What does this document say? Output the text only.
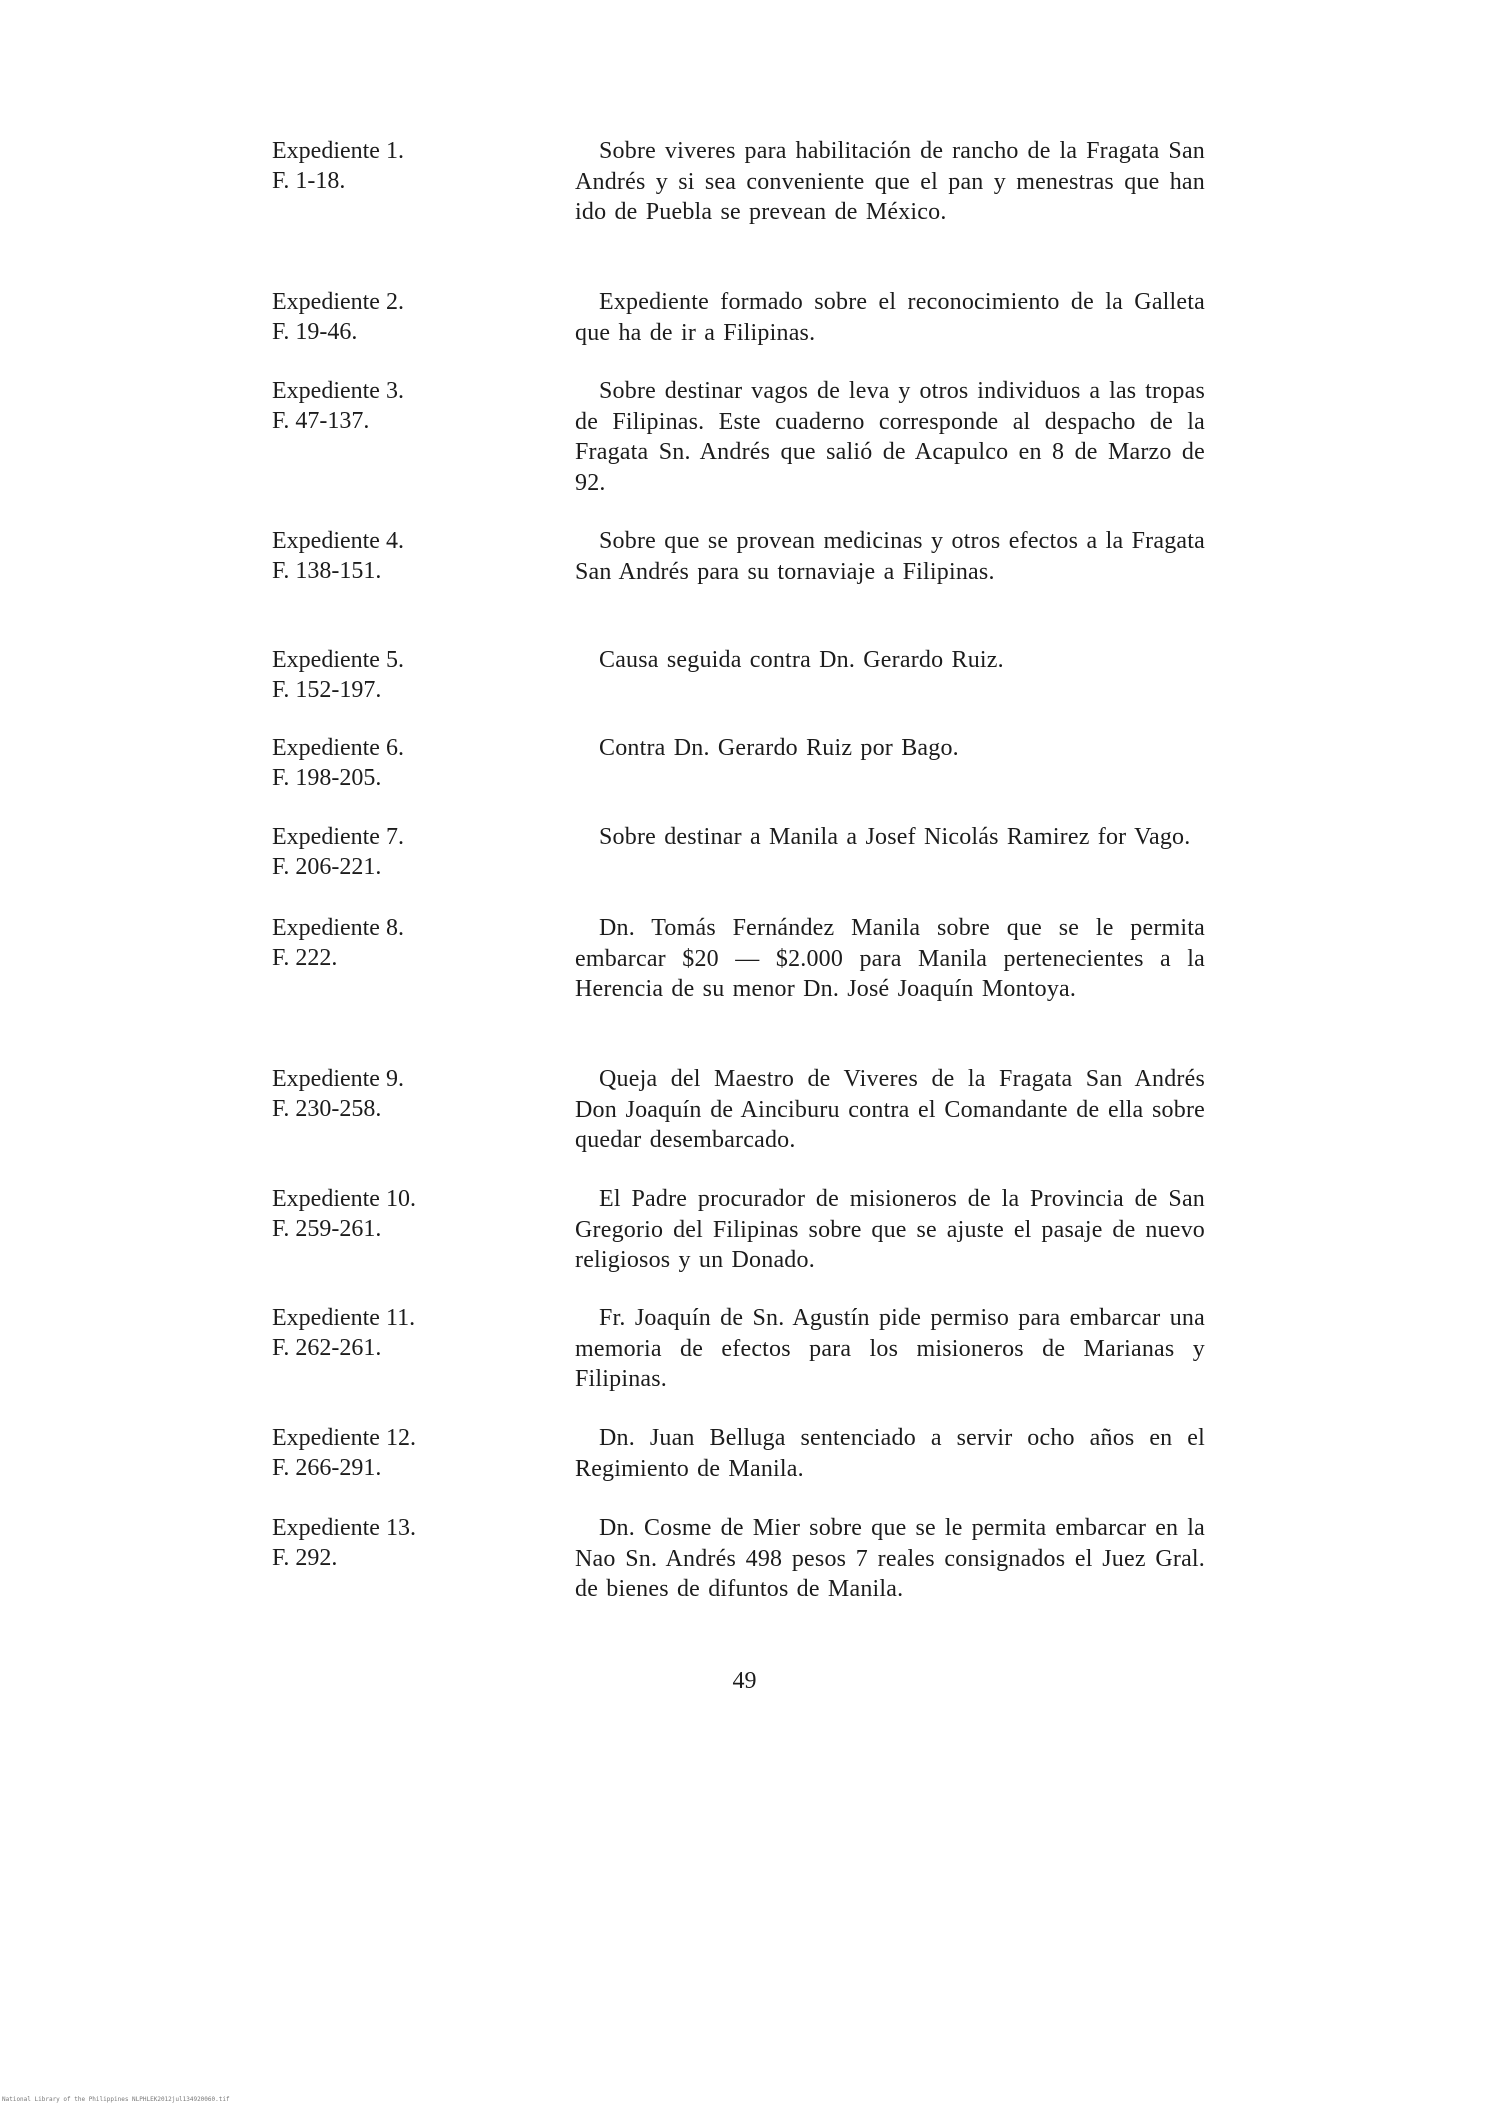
Expediente 1.
F. 1-18.
Sobre viveres para habilitación de rancho de la Fragata San Andrés y si sea conveniente que el pan y menestras que han ido de Puebla se prevean de México.
Expediente 2.
F. 19-46.
Expediente formado sobre el reconocimiento de la Galleta que ha de ir a Filipinas.
Expediente 3.
F. 47-137.
Sobre destinar vagos de leva y otros individuos a las tropas de Filipinas. Este cuaderno corresponde al despacho de la Fragata Sn. Andrés que salió de Acapulco en 8 de Marzo de 92.
Expediente 4.
F. 138-151.
Sobre que se provean medicinas y otros efectos a la Fragata San Andrés para su tornaviaje a Filipinas.
Expediente 5.
F. 152-197.
Causa seguida contra Dn. Gerardo Ruiz.
Expediente 6.
F. 198-205.
Contra Dn. Gerardo Ruiz por Bago.
Expediente 7.
F. 206-221.
Sobre destinar a Manila a Josef Nicolás Ramirez for Vago.
Expediente 8.
F. 222.
Dn. Tomás Fernández Manila sobre que se le permita embarcar $20 — $2.000 para Manila pertenecientes a la Herencia de su menor Dn. José Joaquín Montoya.
Expediente 9.
F. 230-258.
Queja del Maestro de Viveres de la Fragata San Andrés Don Joaquín de Ainciburu contra el Comandante de ella sobre quedar desembarcado.
Expediente 10.
F. 259-261.
El Padre procurador de misioneros de la Provincia de San Gregorio del Filipinas sobre que se ajuste el pasaje de nuevo religiosos y un Donado.
Expediente 11.
F. 262-261.
Fr. Joaquín de Sn. Agustín pide permiso para embarcar una memoria de efectos para los misioneros de Marianas y Filipinas.
Expediente 12.
F. 266-291.
Dn. Juan Belluga sentenciado a servir ocho años en el Regimiento de Manila.
Expediente 13.
F. 292.
Dn. Cosme de Mier sobre que se le permita embarcar en la Nao Sn. Andrés 498 pesos 7 reales consignados el Juez Gral. de bienes de difuntos de Manila.
49
National Library of the Philippines NLPHLEK2012jul134920060.tif
